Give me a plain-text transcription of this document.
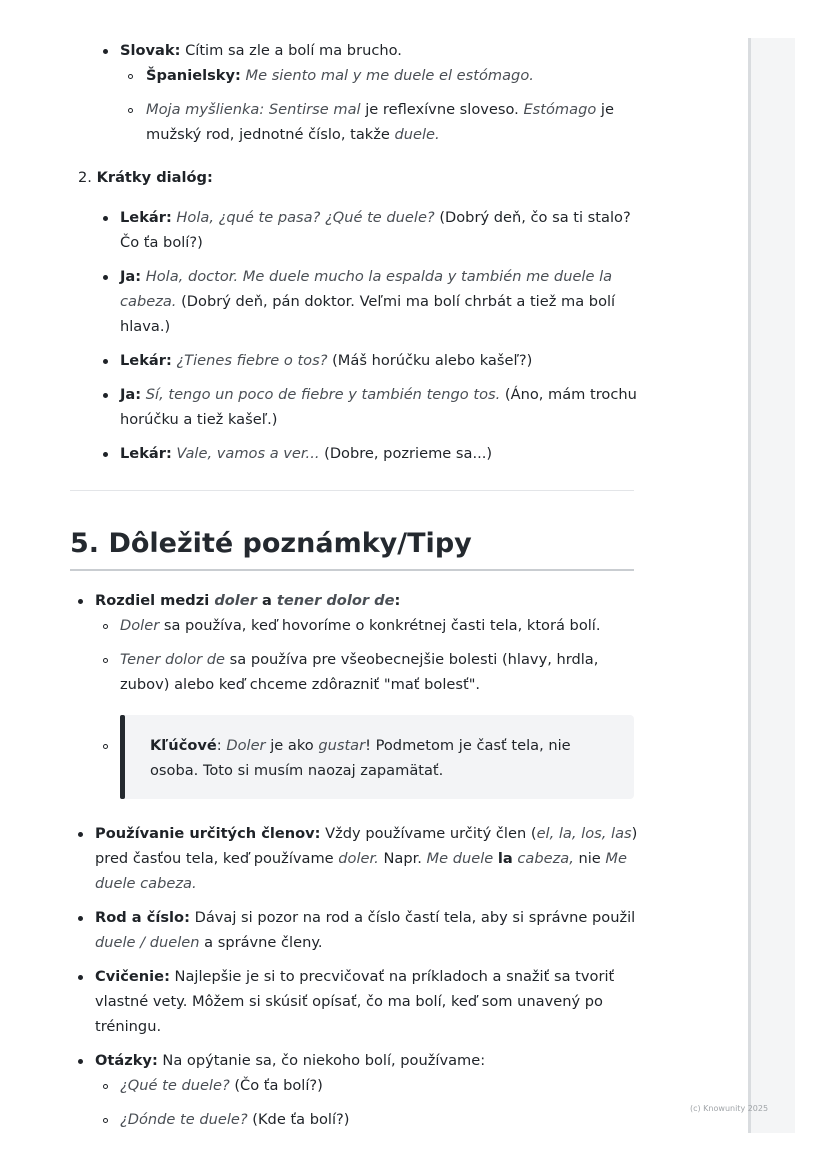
Slovak: Cítim sa zle a bolí ma brucho.
Španielsky: Me siento mal y me duele el estómago.
Moja myšlienka: Sentirse mal je reflexívne sloveso. Estómago je
mužský rod, jednotné číslo, takže duele.
2. Krátky dialóg:
Lekár: Hola, ¿qué te pasa? ¿Qué te duele? (Dobrý deň, čo sa ti stalo?
Čo ťa bolí?)
Ja: Hola, doctor. Me duele mucho la espalda y también me duele la
cabeza. (Dobrý deň, pán doktor. Veľmi ma bolí chrbát a tiež ma bolí
hlava.)
Lekár: ¿Tienes fiebre o tos? (Máš horúčku alebo kašeľ?)
Ja: Sí, tengo un poco de fiebre y también tengo tos. (Áno, mám trochu
horúčku a tiež kašeľ.)
Lekár: Vale, vamos a ver... (Dobre, pozrieme sa...)
5. Dôležité poznámky/Tipy
Rozdiel medzi doler a tener dolor de:
Doler sa používa, keď hovoríme o konkrétnej časti tela, ktorá bolí.
Tener dolor de sa používa pre všeobecnejšie bolesti (hlavy, hrdla,
zubov) alebo keď chceme zdôrazniť "mať bolesť".
Kľúčové: Doler je ako gustar! Podmetom je časť tela, nie
osoba. Toto si musím naozaj zapamätať.
Používanie určitých členov: Vždy používame určitý člen (el, la, los, las)
pred časťou tela, keď používame doler. Napr. Me duele la cabeza, nie Me
duele cabeza.
Rod a číslo: Dávaj si pozor na rod a číslo častí tela, aby si správne použil
duele / duelen a správne členy.
Cvičenie: Najlepšie je si to precvičovať na príkladoch a snažiť sa tvoriť
vlastné vety. Môžem si skúsiť opísať, čo ma bolí, keď som unavený po
tréningu.
Otázky: Na opýtanie sa, čo niekoho bolí, používame:
¿Qué te duele? (Čo ťa bolí?)
¿Dónde te duele? (Kde ťa bolí?)
(c) Knowunity 2025
